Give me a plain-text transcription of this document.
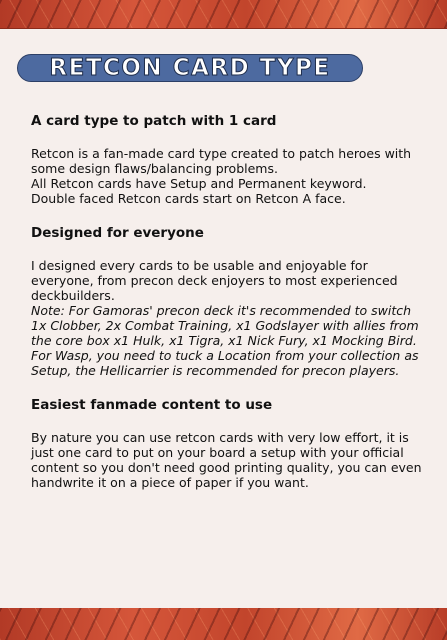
RETCON CARD TYPE
A card type to patch with 1 card

Retcon is a fan-made card type created to patch heroes with some design flaws/balancing problems.

All Retcon cards have Setup and Permanent keyword.

Double faced Retcon cards start on Retcon A face.

Designed for everyone

I designed every cards to be usable and enjoyable for everyone, from precon deck enjoyers to most experienced deckbuilders.

Note: For Gamoras' precon deck it's recommended to switch 1x Clobber, 2x Combat Training, x1 Godslayer with allies from the core box x1 Hulk, x1 Tigra, x1 Nick Fury, x1 Mocking Bird.

For Wasp, you need to tuck a Location from your collection as Setup, the Hellicarrier is recommended for precon players.

Easiest fanmade content to use

By nature you can use retcon cards with very low effort, it is just one card to put on your board a setup with your official content so you don't need good printing quality, you can even handwrite it on a piece of paper if you want.
